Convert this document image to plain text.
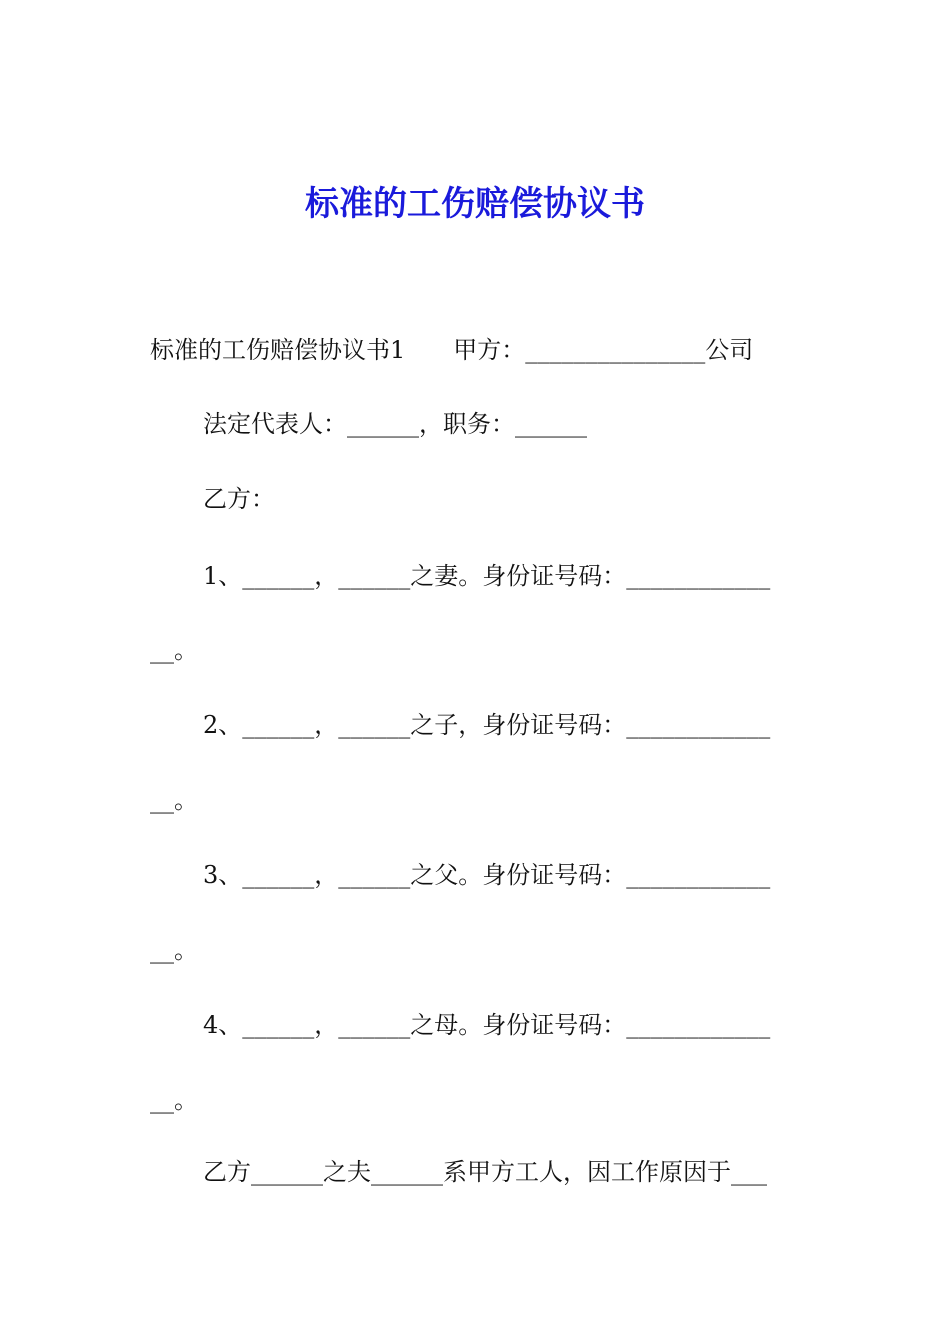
标准的工伤赔偿协议书

标准的工伤赔偿协议书1　　甲方：_______________公司

法定代表人：______，职务：______

乙方：

1、______，______之妻。身份证号码：____________

__。

2、______，______之子，身份证号码：____________

__。

3、______，______之父。身份证号码：____________

__。

4、______，______之母。身份证号码：____________

__。

乙方______之夫______系甲方工人，因工作原因于___
